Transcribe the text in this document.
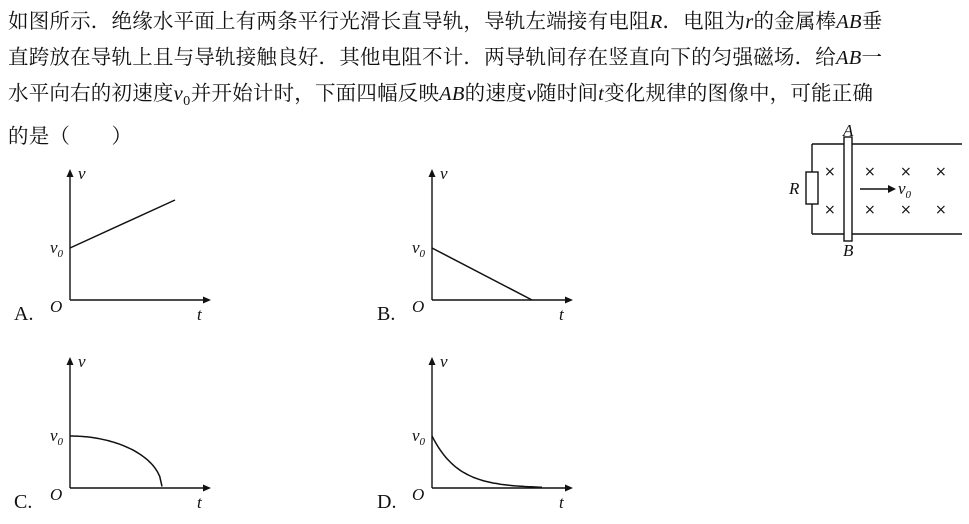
如图所示．绝缘水平面上有两条平行光滑长直导轨，导轨左端接有电阻R．电阻为r的金属棒AB垂
直跨放在导轨上且与导轨接触良好．其他电阻不计．两导轨间存在竖直向下的匀强磁场．给AB一
水平向右的初速度$v_0$并开始计时，下面四幅反映AB的速度v随时间t变化规律的图像中，可能正确
的是（　　）
R
A
B
×
×
×
×
×
×
×
×
$v_0$
v
t
O
$v_0$
v
t
O
$v_0$
v
t
O
$v_0$
v
t
O
$v_0$
A.	B.
C.	D.
